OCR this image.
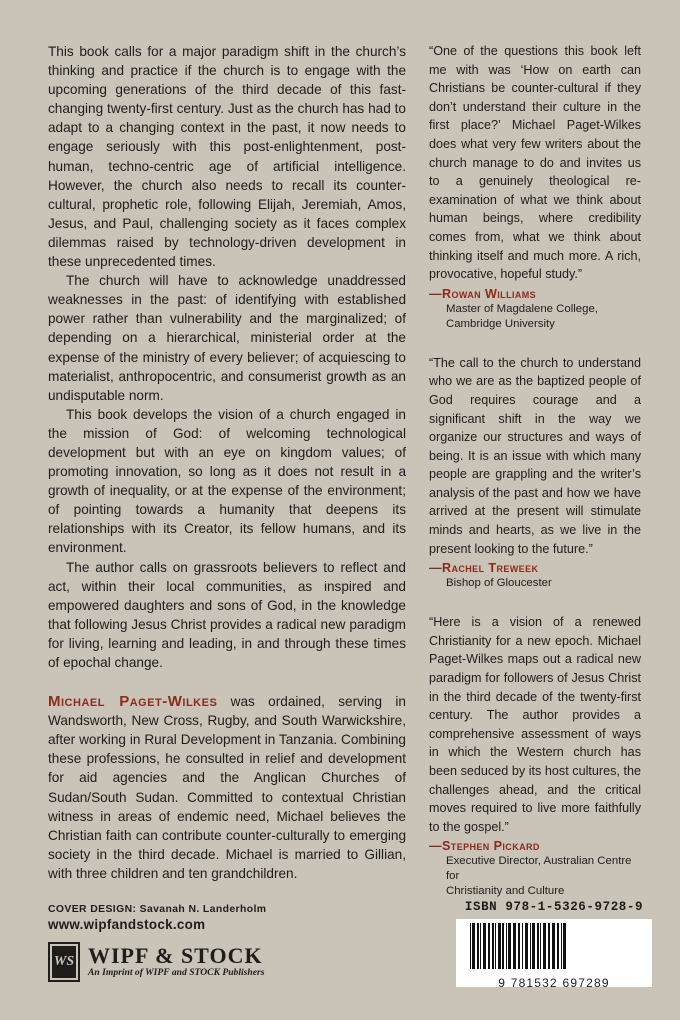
This book calls for a major paradigm shift in the church’s thinking and practice if the church is to engage with the upcoming generations of the third decade of this fast-changing twenty-first century. Just as the church has had to adapt to a changing context in the past, it now needs to engage seriously with this post-enlightenment, post-human, techno-centric age of artificial intelligence. However, the church also needs to recall its counter-cultural, prophetic role, following Elijah, Jeremiah, Amos, Jesus, and Paul, challenging society as it faces complex dilemmas raised by technology-driven development in these unprecedented times.

The church will have to acknowledge unaddressed weaknesses in the past: of identifying with established power rather than vulnerability and the marginalized; of depending on a hierarchical, ministerial order at the expense of the ministry of every believer; of acquiescing to materialist, anthropocentric, and consumerist growth as an undisputable norm.

This book develops the vision of a church engaged in the mission of God: of welcoming technological development but with an eye on kingdom values; of promoting innovation, so long as it does not result in a growth of inequality, or at the expense of the environment; of pointing towards a humanity that deepens its relationships with its Creator, its fellow humans, and its environment.

The author calls on grassroots believers to reflect and act, within their local communities, as inspired and empowered daughters and sons of God, in the knowledge that following Jesus Christ provides a radical new paradigm for living, learning and leading, in and through these times of epochal change.

Michael Paget-Wilkes was ordained, serving in Wandsworth, New Cross, Rugby, and South Warwickshire, after working in Rural Development in Tanzania. Combining these professions, he consulted in relief and development for aid agencies and the Anglican Churches of Sudan/South Sudan. Committed to contextual Christian witness in areas of endemic need, Michael believes the Christian faith can contribute counter-culturally to emerging society in the third decade. Michael is married to Gillian, with three children and ten grandchildren.

“One of the questions this book left me with was ‘How on earth can Christians be counter-cultural if they don’t understand their culture in the first place?’ Michael Paget-Wilkes does what very few writers about the church manage to do and invites us to a genuinely theological re-examination of what we think about human beings, where credibility comes from, what we think about thinking itself and much more. A rich, provocative, hopeful study.”

—Rowan Williams
Master of Magdalene College,
Cambridge University

“The call to the church to understand who we are as the baptized people of God requires courage and a significant shift in the way we organize our structures and ways of being. It is an issue with which many people are grappling and the writer’s analysis of the past and how we have arrived at the present will stimulate minds and hearts, as we live in the present looking to the future.”

—Rachel Treweek
Bishop of Gloucester

“Here is a vision of a renewed Christianity for a new epoch. Michael Paget-Wilkes maps out a radical new paradigm for followers of Jesus Christ in the third decade of the twenty-first century. The author provides a comprehensive assessment of ways in which the Western church has been seduced by its host cultures, the challenges ahead, and the critical moves required to live more faithfully to the gospel.”

—Stephen Pickard
Executive Director, Australian Centre for
Christianity and Culture
COVER DESIGN: Savanah N. Landerholm
www.wipfandstock.com
WS WIPF & STOCK
An Imprint of WIPF and STOCK Publishers
ISBN 978-1-5326-9728-9
9 781532 697289
